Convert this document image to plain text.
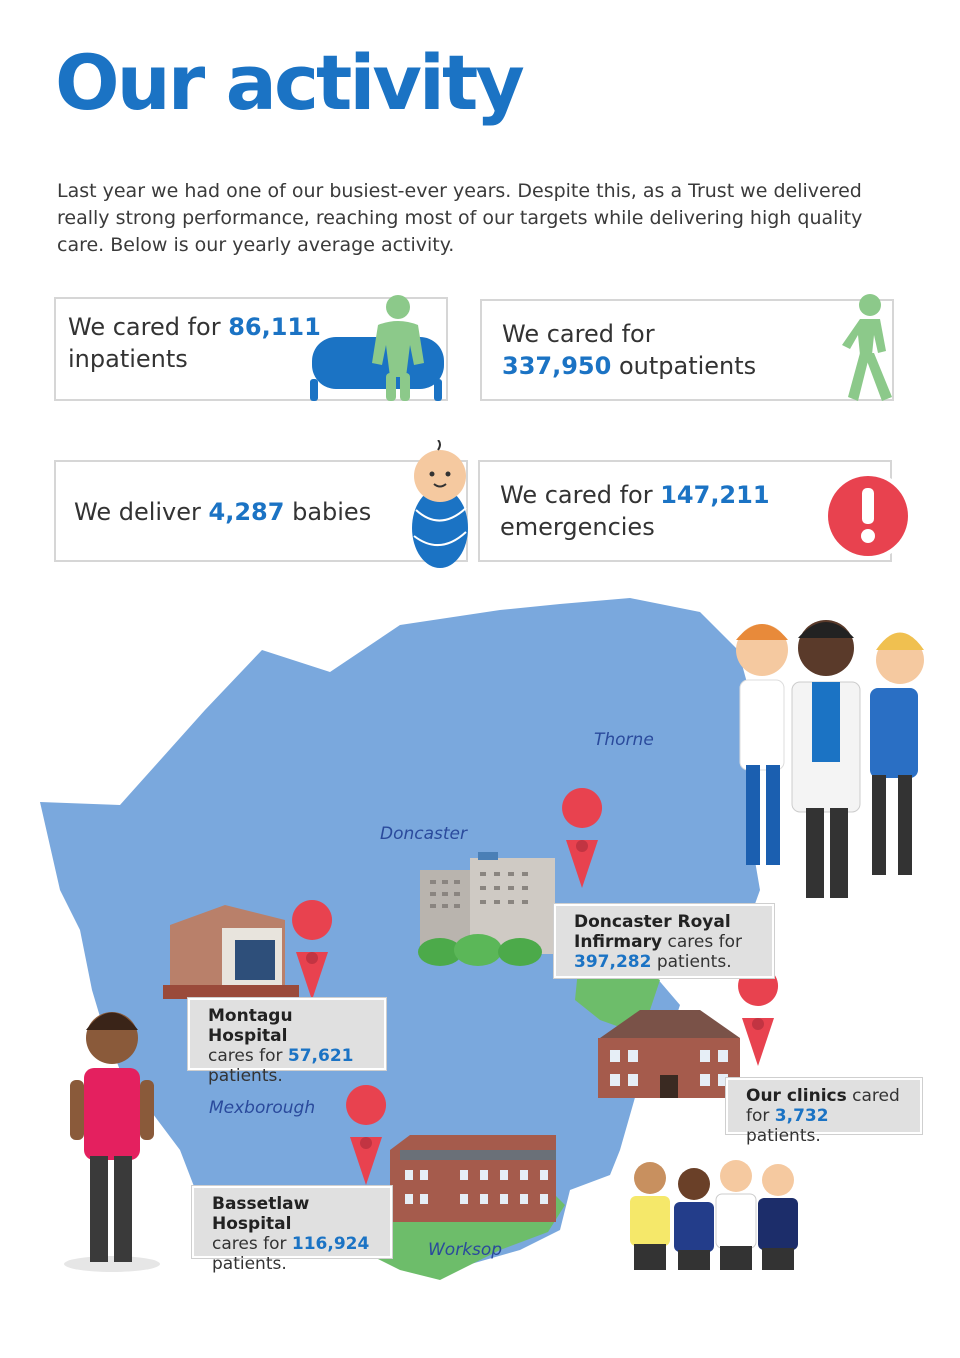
Our activity

Last year we had one of our busiest-ever years. Despite this, as a Trust we delivered really strong performance, reaching most of our targets while delivering high quality care. Below is our yearly average activity.

We cared for 86,111
inpatients
We cared for
337,950 outpatients
We deliver 4,287 babies
We cared for 147,211
emergencies
Thorne
Doncaster
Mexborough
Worksop
Doncaster Royal
Infirmary cares for
397,282 patients.
Montagu Hospital
cares for 57,621
patients.
Our clinics cared
for 3,732 patients.
Bassetlaw Hospital
cares for 116,924
patients.
